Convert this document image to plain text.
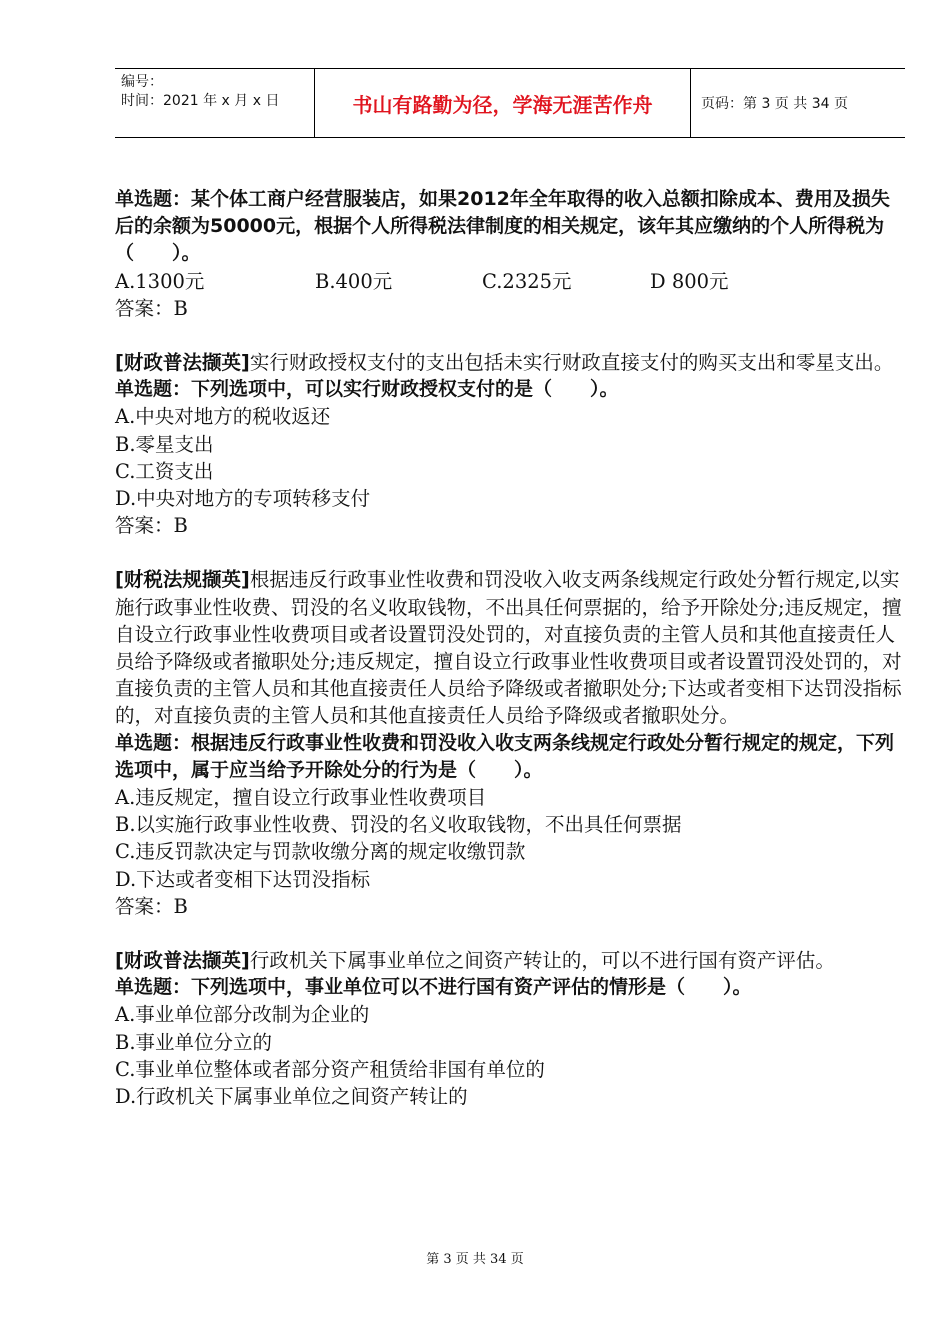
编号：
时间：2021 年 x 月 x 日	书山有路勤为径，学海无涯苦作舟	页码：第 3 页 共 34 页

单选题：某个体工商户经营服装店，如果2012年全年取得的收入总额扣除成本、费用及损失后的余额为50000元，根据个人所得税法律制度的相关规定，该年其应缴纳的个人所得税为（　　）。

A.1300元	B.400元	C.2325元	D 800元

答案：B

[财政普法撷英]实行财政授权支付的支出包括未实行财政直接支付的购买支出和零星支出。

单选题：下列选项中，可以实行财政授权支付的是（　　）。

A.中央对地方的税收返还

B.零星支出

C.工资支出

D.中央对地方的专项转移支付

答案：B

[财税法规撷英]根据违反行政事业性收费和罚没收入收支两条线规定行政处分暂行规定,以实施行政事业性收费、罚没的名义收取钱物，不出具任何票据的，给予开除处分;违反规定，擅自设立行政事业性收费项目或者设置罚没处罚的，对直接负责的主管人员和其他直接责任人员给予降级或者撤职处分;违反规定，擅自设立行政事业性收费项目或者设置罚没处罚的，对直接负责的主管人员和其他直接责任人员给予降级或者撤职处分;下达或者变相下达罚没指标的，对直接负责的主管人员和其他直接责任人员给予降级或者撤职处分。

单选题：根据违反行政事业性收费和罚没收入收支两条线规定行政处分暂行规定的规定，下列选项中，属于应当给予开除处分的行为是（　　）。

A.违反规定，擅自设立行政事业性收费项目

B.以实施行政事业性收费、罚没的名义收取钱物，不出具任何票据

C.违反罚款决定与罚款收缴分离的规定收缴罚款

D.下达或者变相下达罚没指标

答案：B

[财政普法撷英]行政机关下属事业单位之间资产转让的，可以不进行国有资产评估。

单选题：下列选项中，事业单位可以不进行国有资产评估的情形是（　　）。

A.事业单位部分改制为企业的

B.事业单位分立的

C.事业单位整体或者部分资产租赁给非国有单位的

D.行政机关下属事业单位之间资产转让的

第 3 页 共 34 页
